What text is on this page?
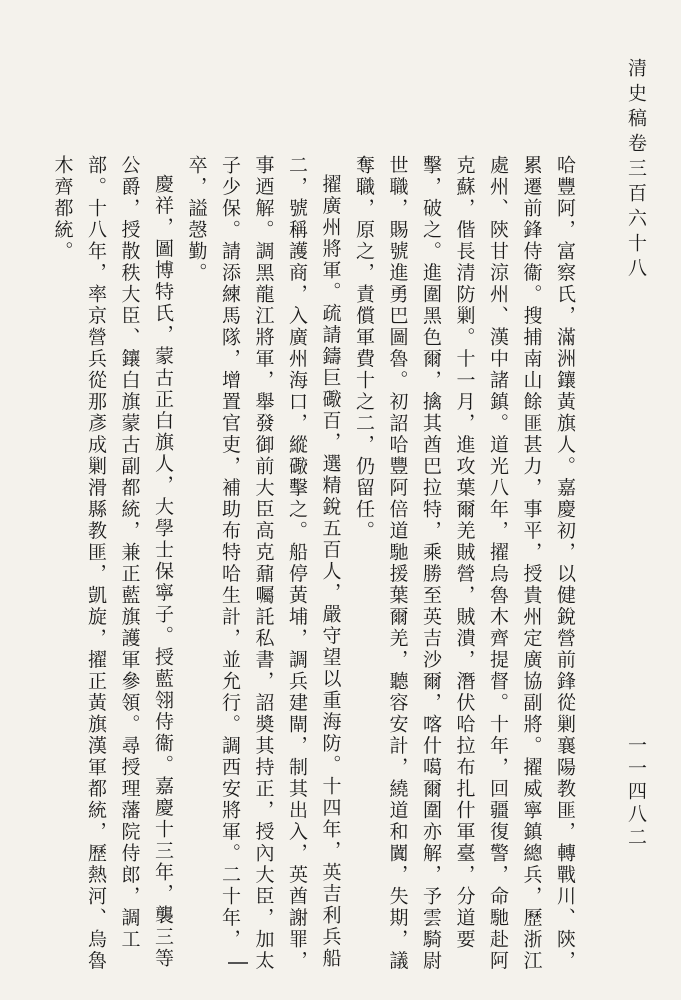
清史稿卷三百六十八
一一四八二

哈豐阿，富察氏，滿洲鑲黃旗人。嘉慶初，以健銳營前鋒從剿襄陽教匪，轉戰川、陝，累遷前鋒侍衞。搜捕南山餘匪甚力，事平，授貴州定廣協副將。擢威寧鎮總兵，歷浙江處州、陝甘涼州、漢中諸鎮。道光八年，擢烏魯木齊提督。十年，回疆復警，命馳赴阿克蘇，偕長清防剿。十一月，進攻葉爾羌賊營，賊潰，潛伏哈拉布扎什軍臺，分道要擊，破之。進圍黑色爾，擒其酋巴拉特，乘勝至英吉沙爾，喀什噶爾圍亦解，予雲騎尉世職，賜號進勇巴圖魯。初詔哈豐阿倍道馳援葉爾羌，聽容安計，繞道和闐，失期，議奪職，原之，責償軍費十之二，仍留任。

擢廣州將軍。疏請鑄巨礮百，選精銳五百人，嚴守望以重海防。十四年，英吉利兵船二，號稱護商，入廣州海口，縱礮擊之。船停黃埔，調兵建閘，制其出入，英酋謝罪，事迺解。調黑龍江將軍，舉發御前大臣高克鼐囑託私書，詔奬其持正，授內大臣，加太子少保。請添練馬隊，增置官吏，補助布特哈生計，並允行。調西安將軍。二十年，卒，謚愨勤。

慶祥，圖博特氏，蒙古正白旗人，大學士保寧子。授藍翎侍衞。嘉慶十三年，襲三等公爵，授散秩大臣、鑲白旗蒙古副都統，兼正藍旗護軍參領。尋授理藩院侍郎，調工部。十八年，率京營兵從那彥成剿滑縣教匪，凱旋，擢正黃旗漢軍都統，歷熱河、烏魯木齊都統。
